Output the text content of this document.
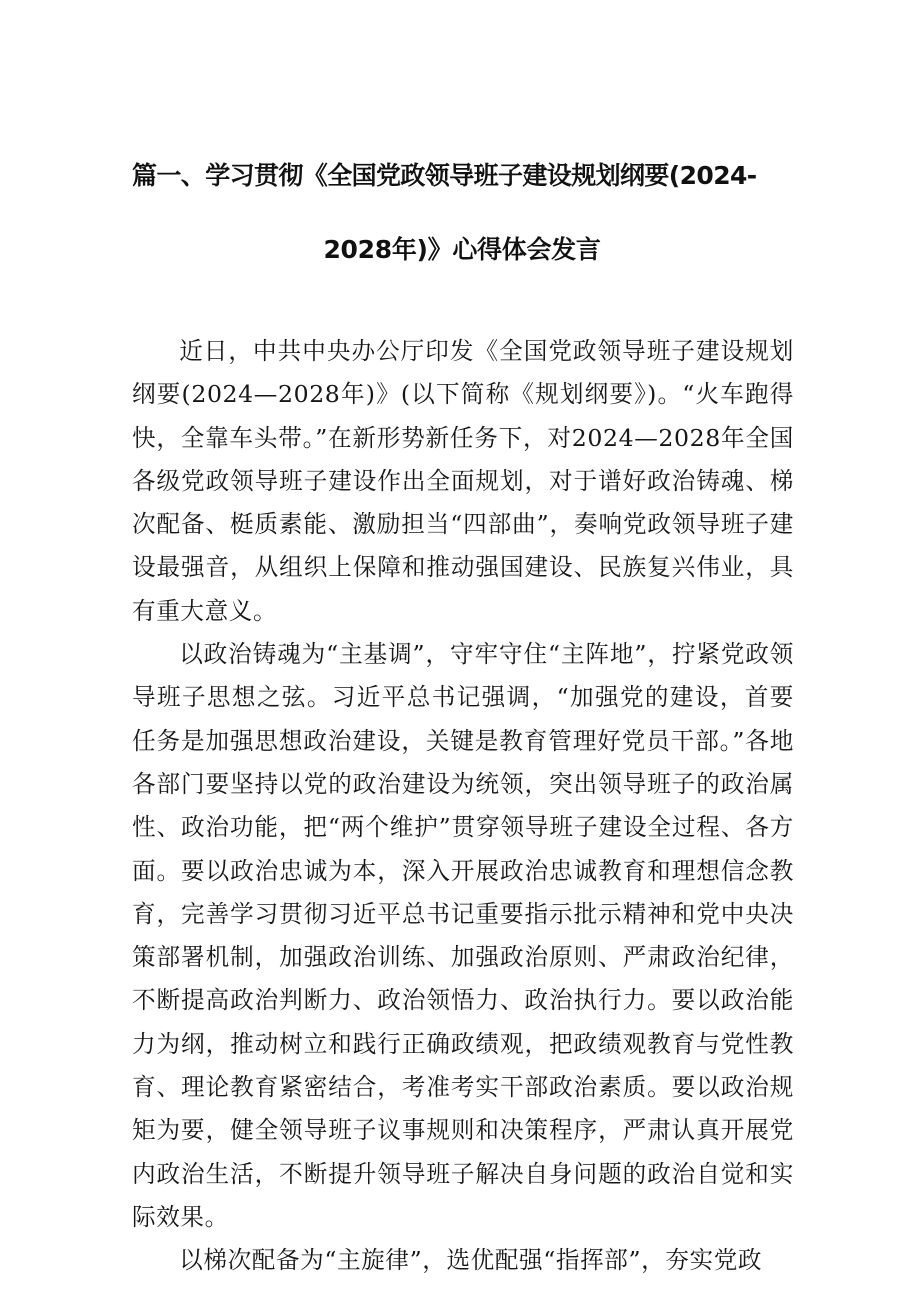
篇一、学习贯彻《全国党政领导班子建设规划纲要(2024-
2028年)》心得体会发言

近日，中共中央办公厅印发《全国党政领导班子建设规划纲要(2024—2028年)》(以下简称《规划纲要》)。“火车跑得快，全靠车头带。”在新形势新任务下，对2024—2028年全国各级党政领导班子建设作出全面规划，对于谱好政治铸魂、梯次配备、梃质素能、激励担当“四部曲”，奏响党政领导班子建设最强音，从组织上保障和推动强国建设、民族复兴伟业，具有重大意义。

以政治铸魂为“主基调”，守牢守住“主阵地”，拧紧党政领导班子思想之弦。习近平总书记强调，“加强党的建设，首要任务是加强思想政治建设，关键是教育管理好党员干部。”各地各部门要坚持以党的政治建设为统领，突出领导班子的政治属性、政治功能，把“两个维护”贯穿领导班子建设全过程、各方面。要以政治忠诚为本，深入开展政治忠诚教育和理想信念教育，完善学习贯彻习近平总书记重要指示批示精神和党中央决策部署机制，加强政治训练、加强政治原则、严肃政治纪律，不断提高政治判断力、政治领悟力、政治执行力。要以政治能力为纲，推动树立和践行正确政绩观，把政绩观教育与党性教育、理论教育紧密结合，考准考实干部政治素质。要以政治规矩为要，健全领导班子议事规则和决策程序，严肃认真开展党内政治生活，不断提升领导班子解决自身问题的政治自觉和实际效果。

以梯次配备为“主旋律”，选优配强“指挥部”，夯实党政
